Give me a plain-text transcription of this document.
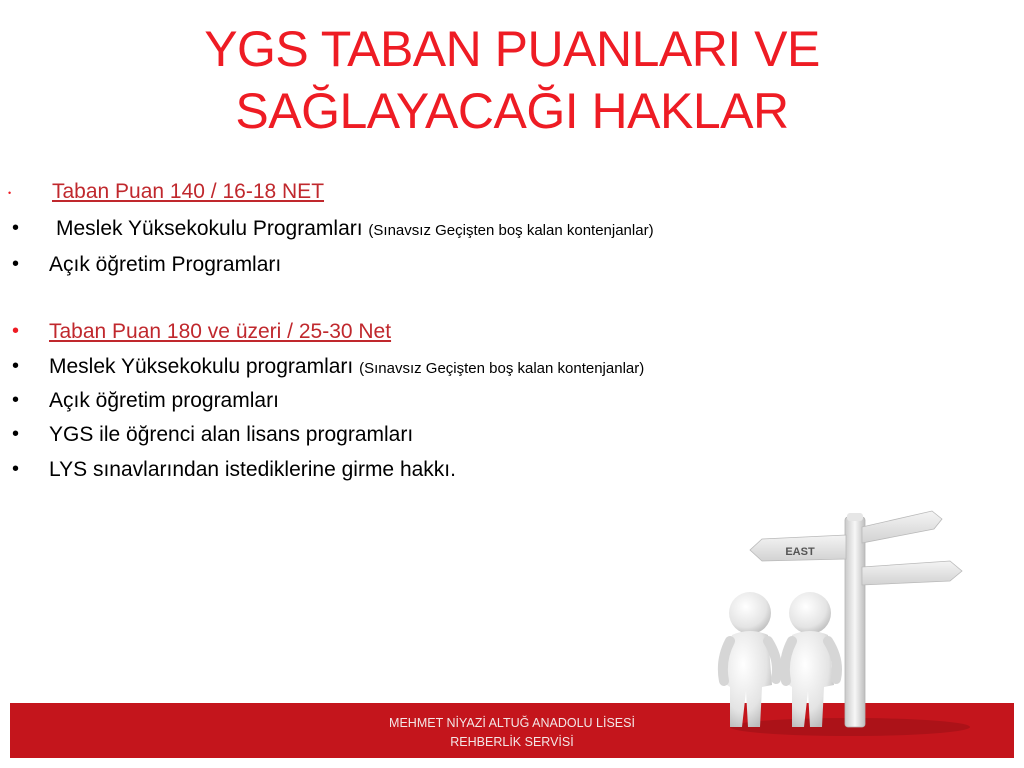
YGS TABAN PUANLARI VE
SAĞLAYACAĞI HAKLAR
• Taban Puan 140 / 16-18 NET
• Meslek Yüksekokulu Programları (Sınavsız Geçişten boş kalan kontenjanlar)
• Açık öğretim Programları
• Taban Puan 180 ve üzeri / 25-30 Net
• Meslek Yüksekokulu programları (Sınavsız Geçişten boş kalan kontenjanlar)
• Açık öğretim programları
• YGS ile öğrenci alan lisans programları
• LYS sınavlarından istediklerine girme hakkı.
MEHMET NİYAZİ ALTUĞ ANADOLU LİSESİ
REHBERLİK SERVİSİ
EAST
